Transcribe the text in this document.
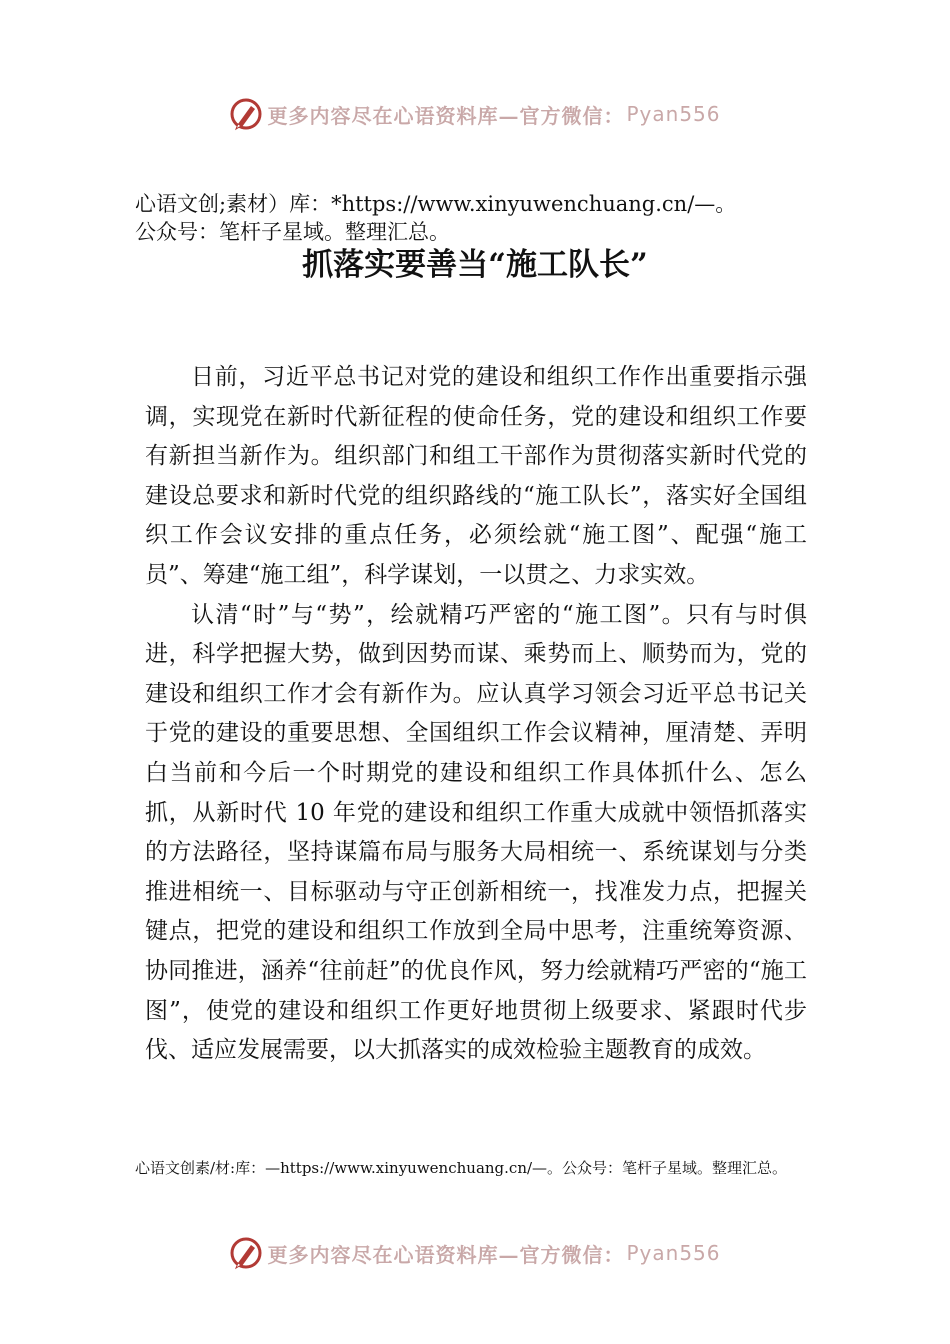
更多内容尽在心语资料库—官方微信： Pyan556
心语文创;素材）库：*https://www.xinyuwenchuang.cn/—。
公众号：笔杆子星域。整理汇总。
抓落实要善当“施工队长”

日前，习近平总书记对党的建设和组织工作作出重要指示强调，实现党在新时代新征程的使命任务，党的建设和组织工作要有新担当新作为。组织部门和组工干部作为贯彻落实新时代党的建设总要求和新时代党的组织路线的“施工队长”，落实好全国组织工作会议安排的重点任务，必须绘就“施工图”、配强“施工员”、筹建“施工组”，科学谋划，一以贯之、力求实效。

认清“时”与“势”，绘就精巧严密的“施工图”。只有与时俱进，科学把握大势，做到因势而谋、乘势而上、顺势而为，党的建设和组织工作才会有新作为。应认真学习领会习近平总书记关于党的建设的重要思想、全国组织工作会议精神，厘清楚、弄明白当前和今后一个时期党的建设和组织工作具体抓什么、怎么抓，从新时代 10 年党的建设和组织工作重大成就中领悟抓落实的方法路径，坚持谋篇布局与服务大局相统一、系统谋划与分类推进相统一、目标驱动与守正创新相统一，找准发力点，把握关键点，把党的建设和组织工作放到全局中思考，注重统筹资源、协同推进，涵养“往前赶”的优良作风，努力绘就精巧严密的“施工图”，使党的建设和组织工作更好地贯彻上级要求、紧跟时代步伐、适应发展需要，以大抓落实的成效检验主题教育的成效。

心语文创素/材:库：—https://www.xinyuwenchuang.cn/—。公众号：笔杆子星域。整理汇总。
更多内容尽在心语资料库—官方微信： Pyan556
